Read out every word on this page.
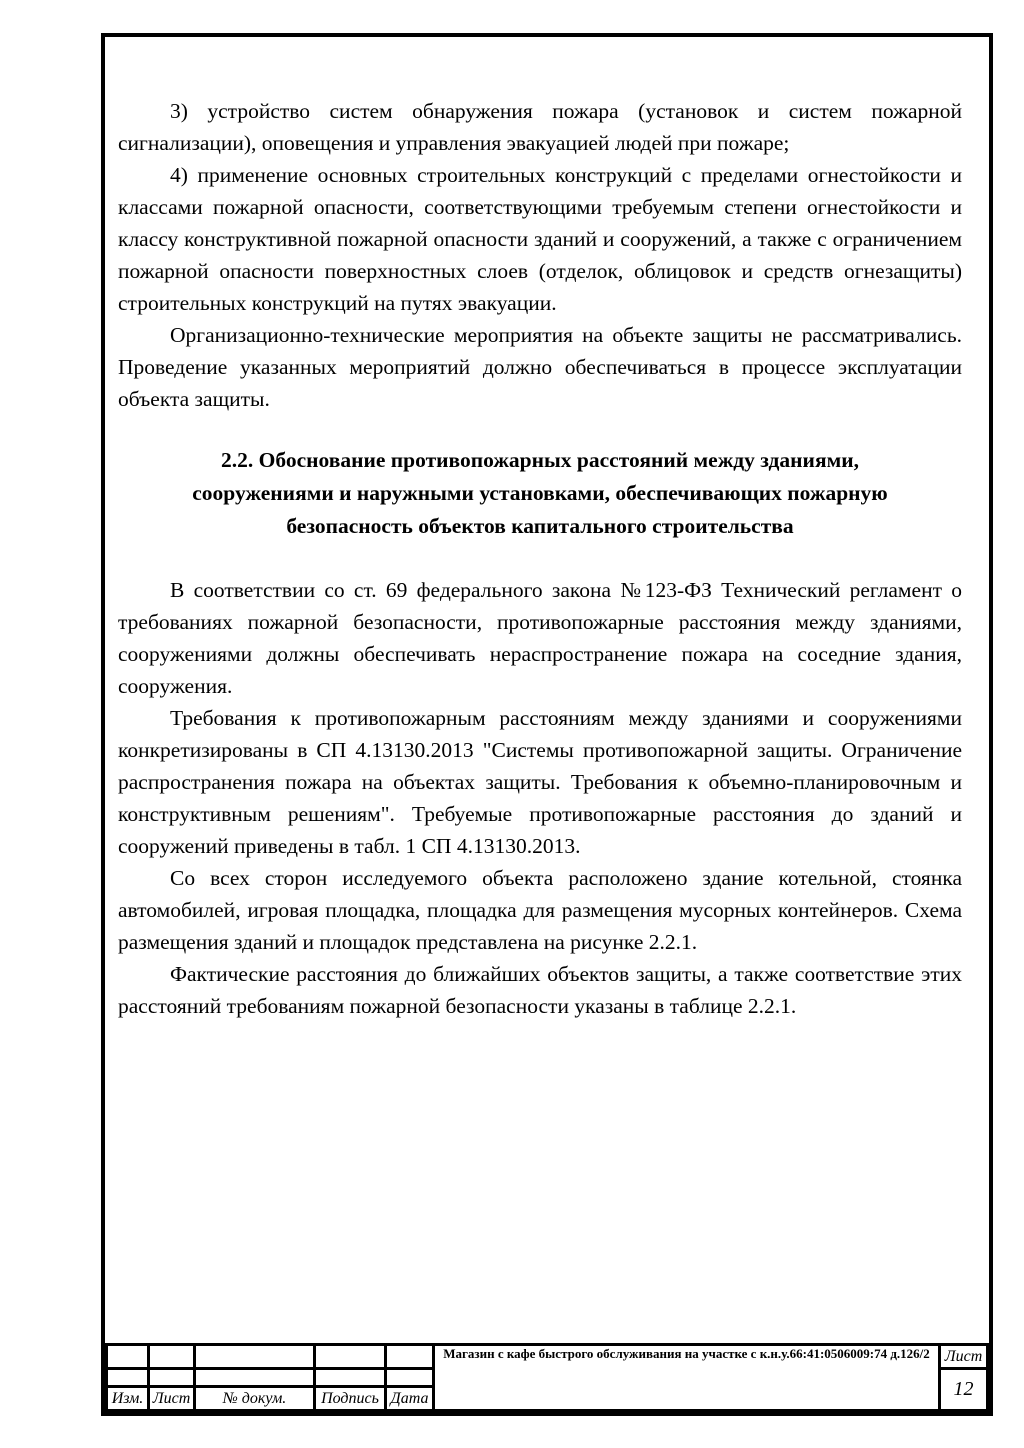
3) устройство систем обнаружения пожара (установок и систем пожарной сигнализации), оповещения и управления эвакуацией людей при пожаре;

4) применение основных строительных конструкций с пределами огнестойкости и классами пожарной опасности, соответствующими требуемым степени огнестойкости и классу конструктивной пожарной опасности зданий и сооружений, а также с ограничением пожарной опасности поверхностных слоев (отделок, облицовок и средств огнезащиты) строительных конструкций на путях эвакуации.

Организационно-технические мероприятия на объекте защиты не рассматривались. Проведение указанных мероприятий должно обеспечиваться в процессе эксплуатации объекта защиты.

2.2. Обоснование противопожарных расстояний между зданиями, сооружениями и наружными установками, обеспечивающих пожарную безопасность объектов капитального строительства

В соответствии со ст. 69 федерального закона №123-ФЗ Технический регламент о требованиях пожарной безопасности, противопожарные расстояния между зданиями, сооружениями должны обеспечивать нераспространение пожара на соседние здания, сооружения.

Требования к противопожарным расстояниям между зданиями и сооружениями конкретизированы в СП 4.13130.2013 "Системы противопожарной защиты. Ограничение распространения пожара на объектах защиты. Требования к объемно-планировочным и конструктивным решениям". Требуемые противопожарные расстояния до зданий и сооружений приведены в табл. 1 СП 4.13130.2013.

Со всех сторон исследуемого объекта расположено здание котельной, стоянка автомобилей, игровая площадка, площадка для размещения мусорных контейнеров. Схема размещения зданий и площадок представлена на рисунке 2.2.1.

Фактические расстояния до ближайших объектов защиты, а также соответствие этих расстояний требованиям пожарной безопасности указаны в таблице 2.2.1.

					Магазин с кафе быстрого обслуживания на участке с к.н.у.66:41:0506009:74 д.126/2	Лист
						12
Изм.	Лист	№ докум.	Подпись	Дата		
